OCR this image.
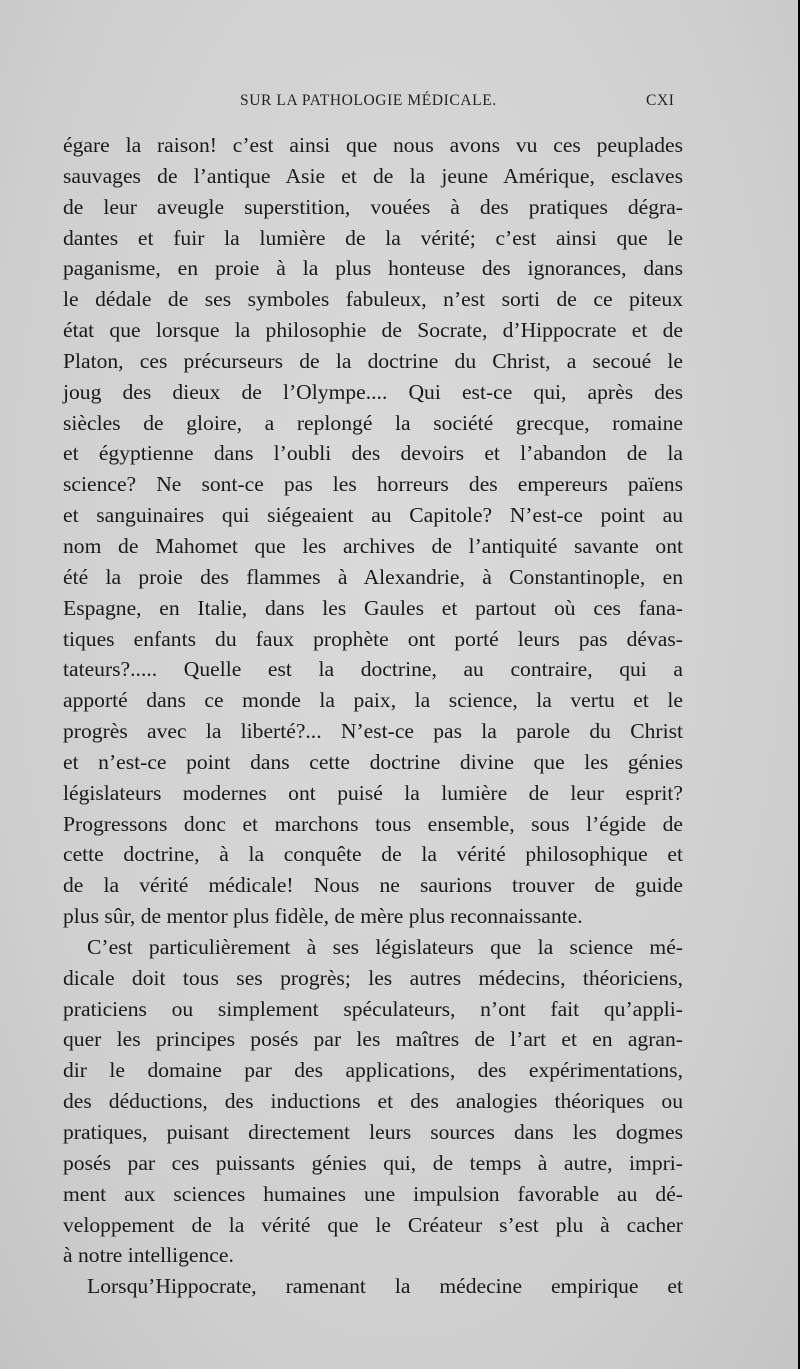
SUR LA PATHOLOGIE MÉDICALE.	CXI
égare la raison! c’est ainsi que nous avons vu ces peuplades
sauvages de l’antique Asie et de la jeune Amérique, esclaves
de leur aveugle superstition, vouées à des pratiques dégra-
dantes et fuir la lumière de la vérité; c’est ainsi que le
paganisme, en proie à la plus honteuse des ignorances, dans
le dédale de ses symboles fabuleux, n’est sorti de ce piteux
état que lorsque la philosophie de Socrate, d’Hippocrate et de
Platon, ces précurseurs de la doctrine du Christ, a secoué le
joug des dieux de l’Olympe.... Qui est-ce qui, après des
siècles de gloire, a replongé la société grecque, romaine
et égyptienne dans l’oubli des devoirs et l’abandon de la
science? Ne sont-ce pas les horreurs des empereurs païens
et sanguinaires qui siégeaient au Capitole? N’est-ce point au
nom de Mahomet que les archives de l’antiquité savante ont
été la proie des flammes à Alexandrie, à Constantinople, en
Espagne, en Italie, dans les Gaules et partout où ces fana-
tiques enfants du faux prophète ont porté leurs pas dévas-
tateurs?..... Quelle est la doctrine, au contraire, qui a
apporté dans ce monde la paix, la science, la vertu et le
progrès avec la liberté?... N’est-ce pas la parole du Christ
et n’est-ce point dans cette doctrine divine que les génies
législateurs modernes ont puisé la lumière de leur esprit?
Progressons donc et marchons tous ensemble, sous l’égide de
cette doctrine, à la conquête de la vérité philosophique et
de la vérité médicale! Nous ne saurions trouver de guide
plus sûr, de mentor plus fidèle, de mère plus reconnaissante.
C’est particulièrement à ses législateurs que la science mé-
dicale doit tous ses progrès; les autres médecins, théoriciens,
praticiens ou simplement spéculateurs, n’ont fait qu’appli-
quer les principes posés par les maîtres de l’art et en agran-
dir le domaine par des applications, des expérimentations,
des déductions, des inductions et des analogies théoriques ou
pratiques, puisant directement leurs sources dans les dogmes
posés par ces puissants génies qui, de temps à autre, impri-
ment aux sciences humaines une impulsion favorable au dé-
veloppement de la vérité que le Créateur s’est plu à cacher
à notre intelligence.
Lorsqu’Hippocrate, ramenant la médecine empirique et
